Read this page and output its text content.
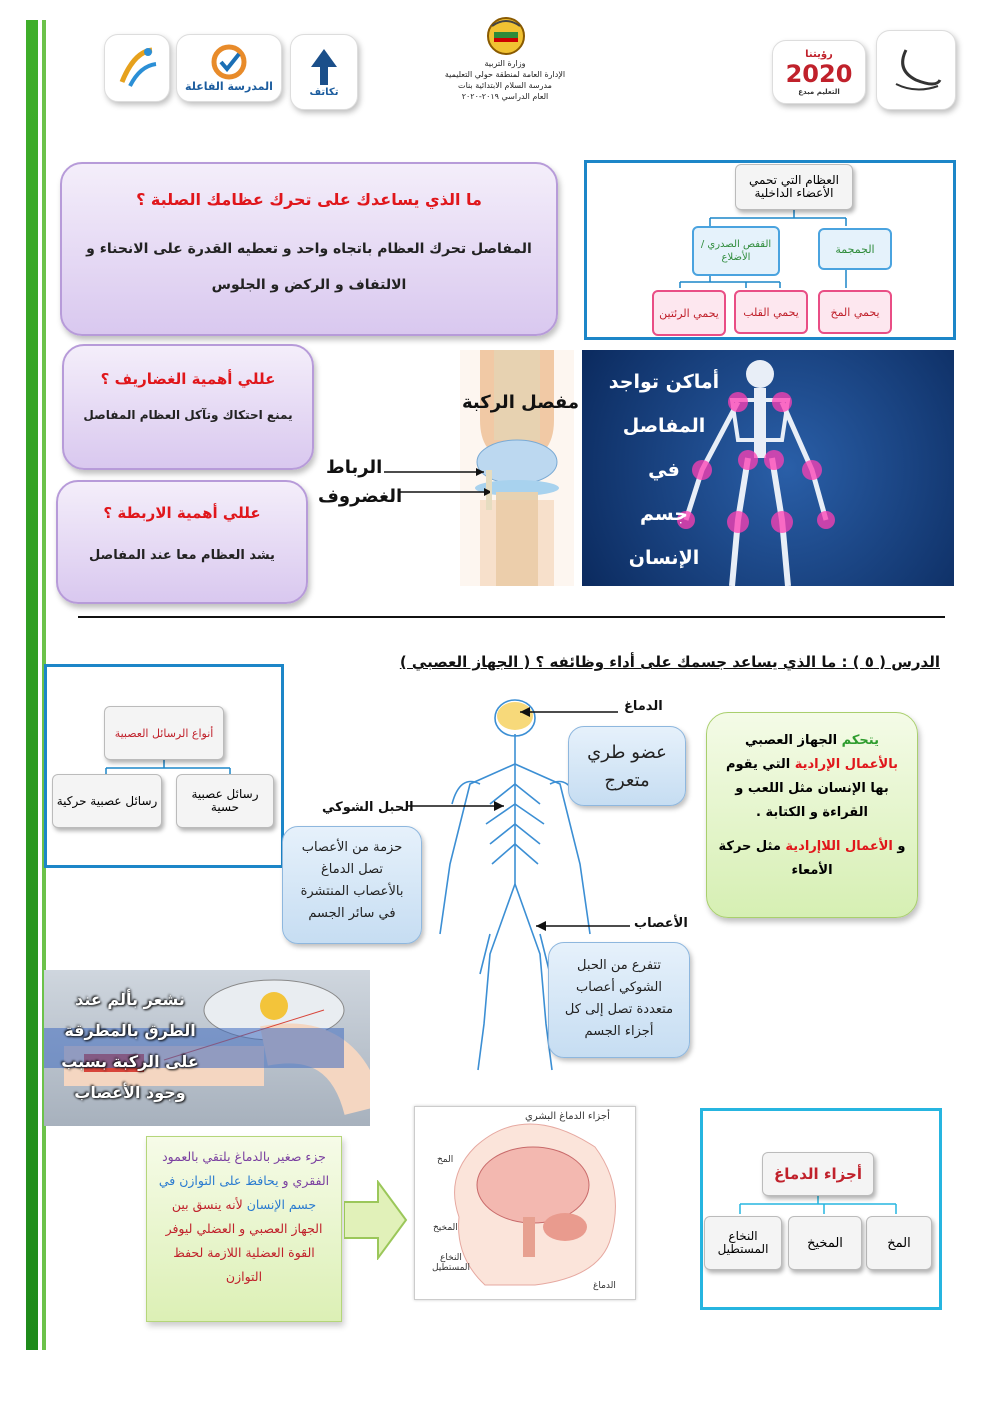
المدرسة الفاعلة	تكاتف
وزارة التربية
الإدارة العامة لمنطقة حولي التعليمية
مدرسة السلام الابتدائية بنات
العام الدراسي ٢٠١٩-٢٠٢٠
رؤيتنا
2020
التعليم مبدع
ما الذي يساعدك على تحرك عظامك الصلبة ؟
المفاصل تحرك العظام باتجاه واحد و تعطيه القدرة على الانحناء و الالتفاف و الركض و الجلوس
عللي أهمية الغضاريف ؟
يمنع احتكاك وتآكل العظام المفاصل
عللي أهمية الاربطة ؟
يشد العظام معا عند المفاصل
مفصل الركبة
الرباط
الغضروف
أماكن تواجد
المفاصل في
جسم الإنسان
العظام التي تحمي الأعضاء الداخلية
الجمجمة
القفص الصدري / الأضلاع
يحمي المخ
يحمي القلب
يحمي الرئتين
الدرس ( ٥ ) : ما الذي يساعد جسمك على أداء وظائفه ؟ ( الجهاز العصبي )
أنواع الرسائل العصبية
رسائل عصبية حركية	رسائل عصبية حسية
الدماغ
الحبل الشوكي
الأعصاب
عضو طري متعرج
حزمة من الأعصاب تصل الدماغ بالأعصاب المنتشرة في سائر الجسم
تتفرع من الحبل الشوكي أعصاب متعددة تصل إلى كل أجزاء الجسم
يتحكم الجهاز العصبي بالأعمال الإرادية التي يقوم بها الإنسان مثل اللعب و القراءة و الكتابة .
و الأعمال اللاإرادية مثل حركة الأمعاء
نشعر بألم عند
الطرق بالمطرقة
على الركبة بسبب
وجود الأعصاب
جزء صغير بالدماغ يلتقي بالعمود الفقري و يحافظ على التوازن في جسم الإنسان لأنه ينسق بين الجهاز العصبي و العضلي ليوفر القوة العضلية اللازمة لحفظ التوازن
أجزاء الدماغ البشري
المخ
المخيخ
النخاع المستطيل
الدماغ
أجزاء الدماغ
المخ
المخيخ
النخاع المستطيل
